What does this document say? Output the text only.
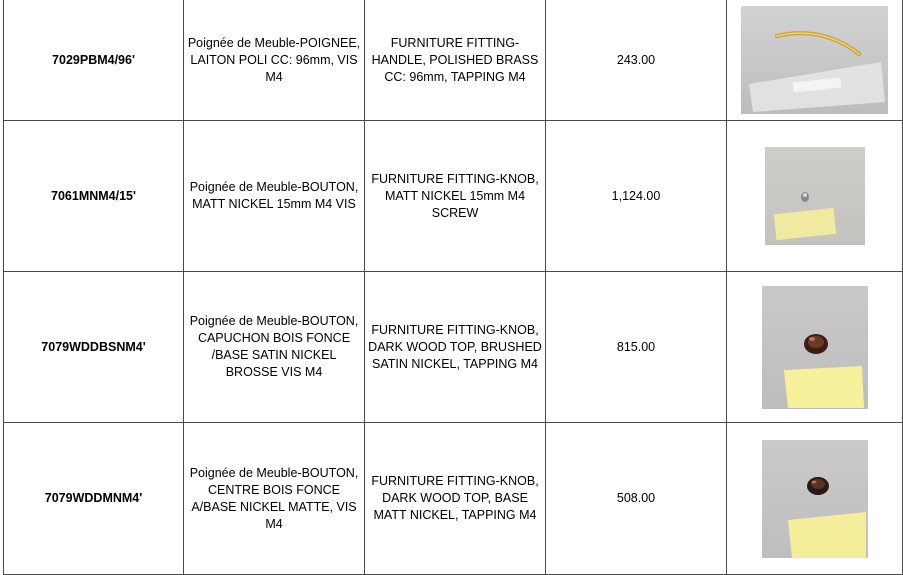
7029PBM4/96'	Poignée de Meuble-POIGNEE, LAITON POLI CC: 96mm, VIS M4	FURNITURE FITTING-HANDLE, POLISHED BRASS CC: 96mm, TAPPING M4	243.00	

7061MNM4/15'	Poignée de Meuble-BOUTON, MATT NICKEL 15mm M4 VIS	FURNITURE FITTING-KNOB, MATT NICKEL 15mm M4 SCREW	1,124.00	

7079WDDBSNM4'	Poignée de Meuble-BOUTON, CAPUCHON BOIS FONCE /BASE SATIN NICKEL BROSSE VIS M4	FURNITURE FITTING-KNOB, DARK WOOD TOP, BRUSHED SATIN NICKEL, TAPPING M4	815.00	

7079WDDMNM4'	Poignée de Meuble-BOUTON, CENTRE BOIS FONCE A/BASE NICKEL MATTE, VIS M4	FURNITURE FITTING-KNOB, DARK WOOD TOP, BASE MATT NICKEL, TAPPING M4	508.00	
